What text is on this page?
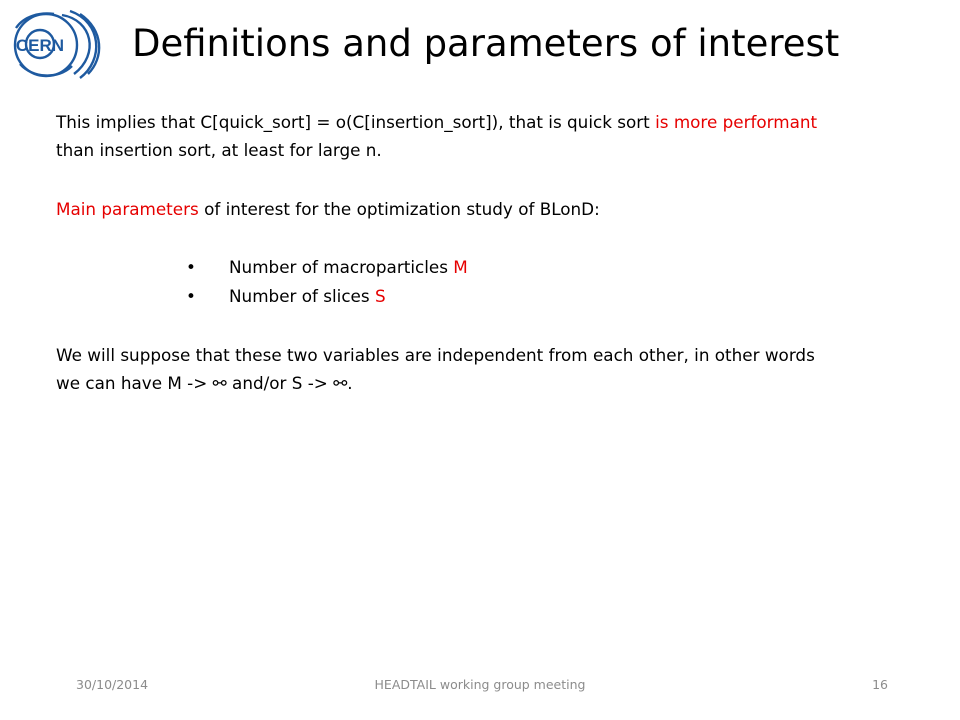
CERN Definitions and parameters of interest

This implies that C[quick_sort] = o(C[insertion_sort]), that is quick sort is more performant
than insertion sort, at least for large n.

Main parameters of interest for the optimization study of BLonD:

• Number of macroparticles M
• Number of slices S

We will suppose that these two variables are independent from each other, in other words
we can have M -> ⚯ and/or S -> ⚯.

30/10/2014	HEADTAIL working group meeting	16
